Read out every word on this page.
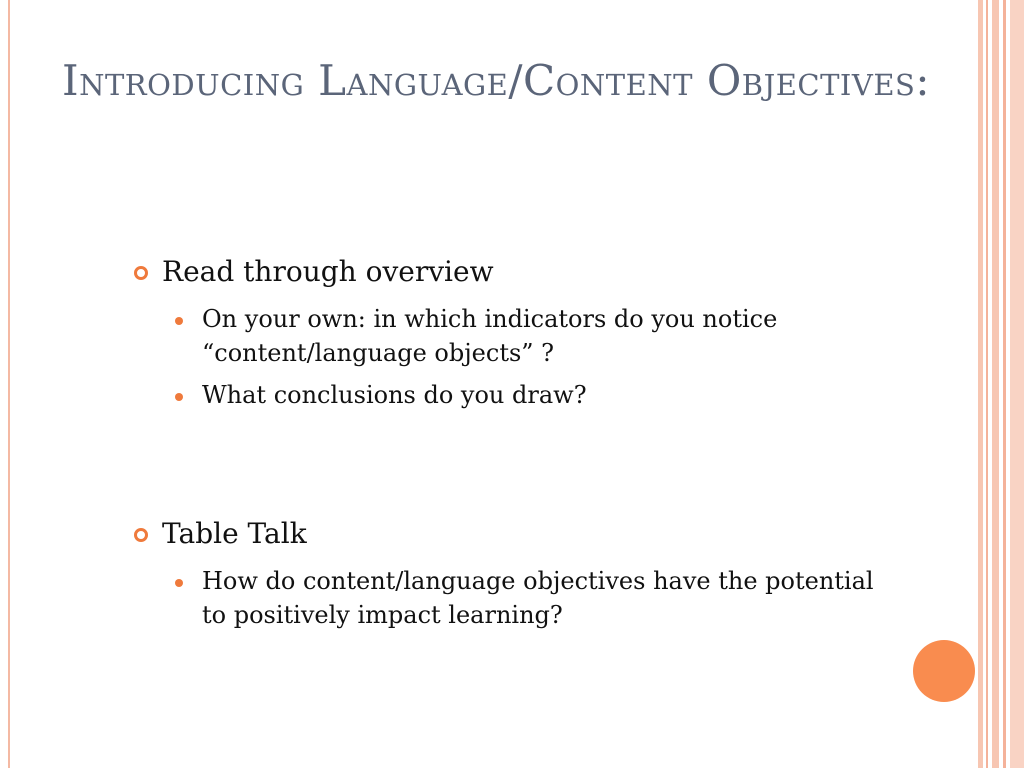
Introducing Language/Content Objectives:

Read through overview

On your own: in which indicators do you notice “content/language objects” ?

What conclusions do you draw?

Table Talk

How do content/language objectives have the potential to positively impact learning?
